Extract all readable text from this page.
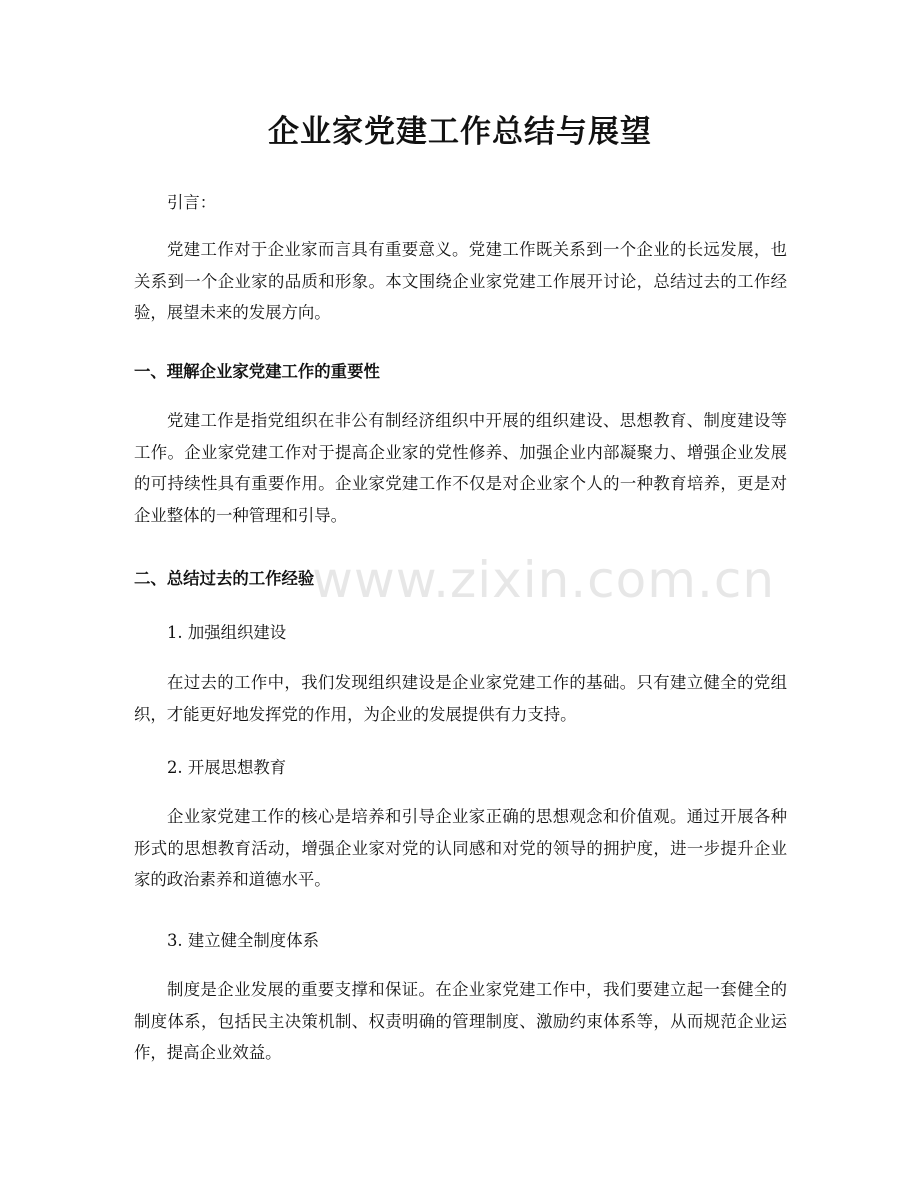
企业家党建工作总结与展望

引言：

党建工作对于企业家而言具有重要意义。党建工作既关系到一个企业的长远发展，也关系到一个企业家的品质和形象。本文围绕企业家党建工作展开讨论，总结过去的工作经验，展望未来的发展方向。

一、理解企业家党建工作的重要性

党建工作是指党组织在非公有制经济组织中开展的组织建设、思想教育、制度建设等工作。企业家党建工作对于提高企业家的党性修养、加强企业内部凝聚力、增强企业发展的可持续性具有重要作用。企业家党建工作不仅是对企业家个人的一种教育培养，更是对企业整体的一种管理和引导。

二、总结过去的工作经验

1. 加强组织建设

在过去的工作中，我们发现组织建设是企业家党建工作的基础。只有建立健全的党组织，才能更好地发挥党的作用，为企业的发展提供有力支持。

2. 开展思想教育

企业家党建工作的核心是培养和引导企业家正确的思想观念和价值观。通过开展各种形式的思想教育活动，增强企业家对党的认同感和对党的领导的拥护度，进一步提升企业家的政治素养和道德水平。

3. 建立健全制度体系

制度是企业发展的重要支撑和保证。在企业家党建工作中，我们要建立起一套健全的制度体系，包括民主决策机制、权责明确的管理制度、激励约束体系等，从而规范企业运作，提高企业效益。

www.zixin.com.cn
